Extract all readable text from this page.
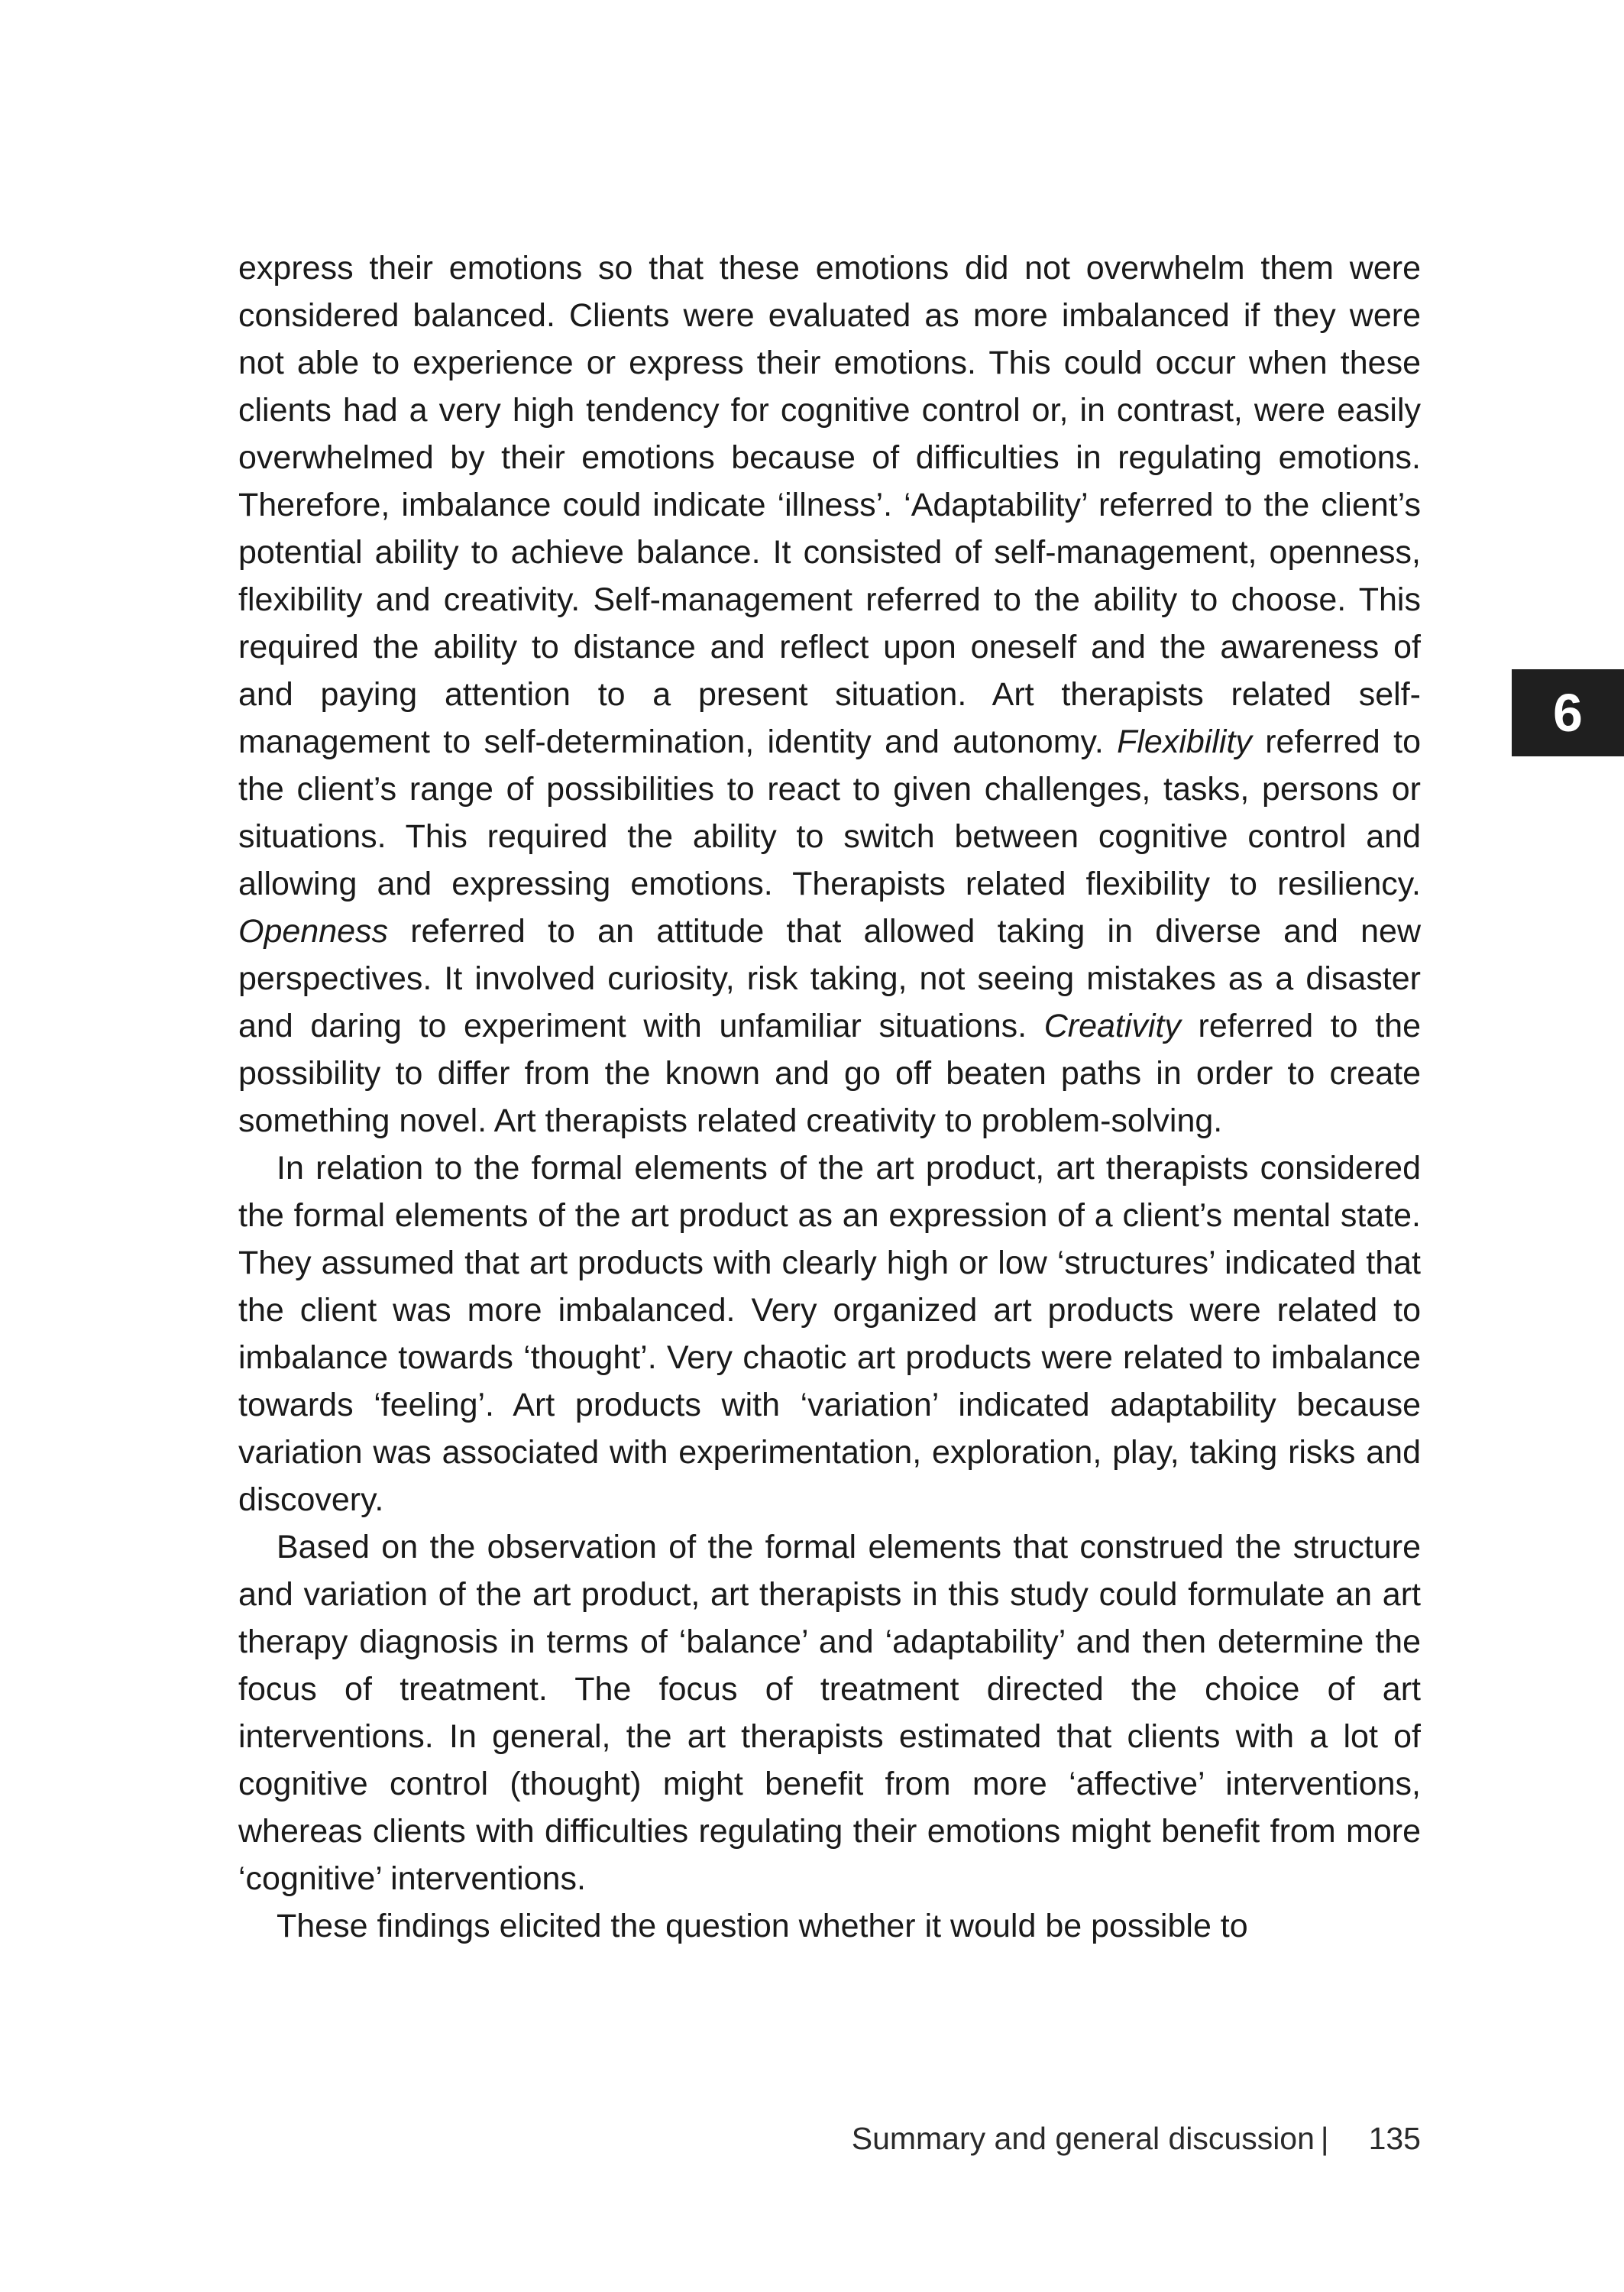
express their emotions so that these emotions did not overwhelm them were considered balanced. Clients were evaluated as more imbalanced if they were not able to experience or express their emotions. This could occur when these clients had a very high tendency for cognitive control or, in contrast, were easily overwhelmed by their emotions because of difficulties in regulating emotions. Therefore, imbalance could indicate ‘illness’. ‘Adaptability’ referred to the client’s potential ability to achieve balance. It consisted of self-management, openness, flexibility and creativity. Self-management referred to the ability to choose. This required the ability to distance and reflect upon oneself and the awareness of and paying attention to a present situation. Art therapists related self-management to self-determination, identity and autonomy. Flexibility referred to the client’s range of possibilities to react to given challenges, tasks, persons or situations. This required the ability to switch between cognitive control and allowing and expressing emotions. Therapists related flexibility to resiliency. Openness referred to an attitude that allowed taking in diverse and new perspectives. It involved curiosity, risk taking, not seeing mistakes as a disaster and daring to experiment with unfamiliar situations. Creativity referred to the possibility to differ from the known and go off beaten paths in order to create something novel. Art therapists related creativity to problem-solving.

In relation to the formal elements of the art product, art therapists considered the formal elements of the art product as an expression of a client’s mental state. They assumed that art products with clearly high or low ‘structures’ indicated that the client was more imbalanced. Very organized art products were related to imbalance towards ‘thought’. Very chaotic art products were related to imbalance towards ‘feeling’. Art products with ‘variation’ indicated adaptability because variation was associated with experimentation, exploration, play, taking risks and discovery.

Based on the observation of the formal elements that construed the structure and variation of the art product, art therapists in this study could formulate an art therapy diagnosis in terms of ‘balance’ and ‘adaptability’ and then determine the focus of treatment. The focus of treatment directed the choice of art interventions. In general, the art therapists estimated that clients with a lot of cognitive control (thought) might benefit from more ‘affective’ interventions, whereas clients with difficulties regulating their emotions might benefit from more ‘cognitive’ interventions.

These findings elicited the question whether it would be possible to

6
Summary and general discussion | 135
